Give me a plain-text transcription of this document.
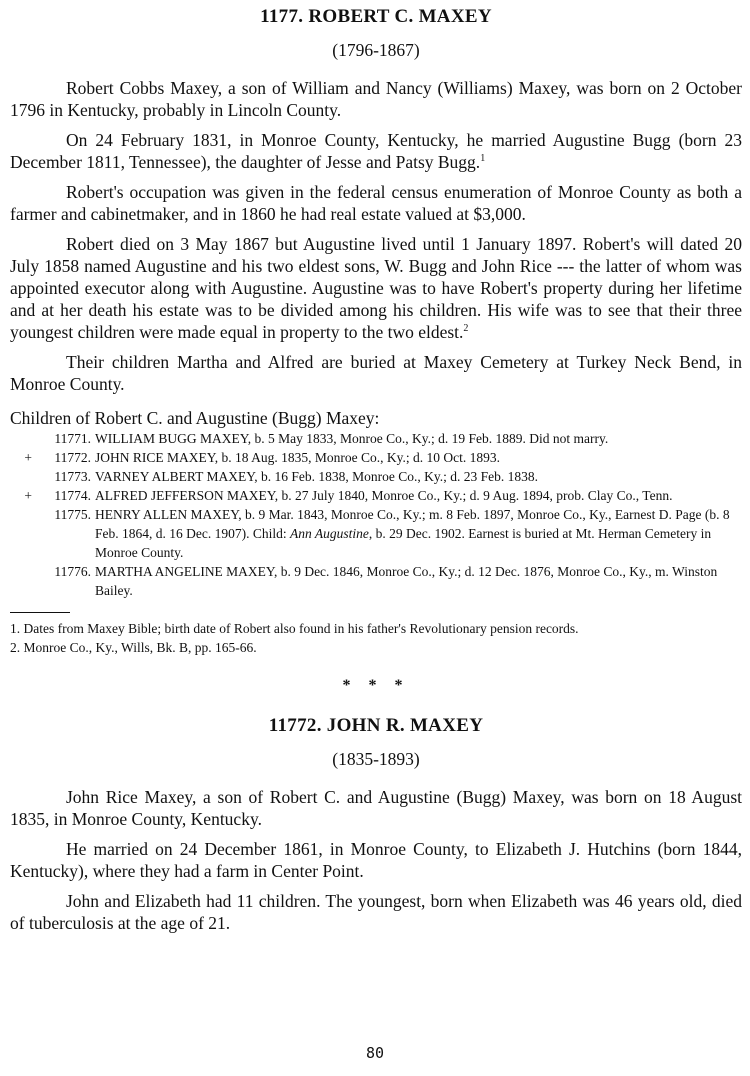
1177. ROBERT C. MAXEY
(1796-1867)

Robert Cobbs Maxey, a son of William and Nancy (Williams) Maxey, was born on 2 October 1796 in Kentucky, probably in Lincoln County.

On 24 February 1831, in Monroe County, Kentucky, he married Augustine Bugg (born 23 December 1811, Tennessee), the daughter of Jesse and Patsy Bugg.$^1$

Robert's occupation was given in the federal census enumeration of Monroe County as both a farmer and cabinetmaker, and in 1860 he had real estate valued at $3,000.

Robert died on 3 May 1867 but Augustine lived until 1 January 1897. Robert's will dated 20 July 1858 named Augustine and his two eldest sons, W. Bugg and John Rice --- the latter of whom was appointed executor along with Augustine. Augustine was to have Robert's property during her lifetime and at her death his estate was to be divided among his children. His wife was to see that their three youngest children were made equal in property to the two eldest.$^2$

Their children Martha and Alfred are buried at Maxey Cemetery at Turkey Neck Bend, in Monroe County.

Children of Robert C. and Augustine (Bugg) Maxey:

11771. WILLIAM BUGG MAXEY, b. 5 May 1833, Monroe Co., Ky.; d. 19 Feb. 1889. Did not marry.
+	11772. JOHN RICE MAXEY, b. 18 Aug. 1835, Monroe Co., Ky.; d. 10 Oct. 1893.
11773. VARNEY ALBERT MAXEY, b. 16 Feb. 1838, Monroe Co., Ky.; d. 23 Feb. 1838.
+	11774. ALFRED JEFFERSON MAXEY, b. 27 July 1840, Monroe Co., Ky.; d. 9 Aug. 1894, prob. Clay Co., Tenn.
11775. HENRY ALLEN MAXEY, b. 9 Mar. 1843, Monroe Co., Ky.; m. 8 Feb. 1897, Monroe Co., Ky., Earnest D. Page (b. 8 Feb. 1864, d. 16 Dec. 1907). Child: Ann Augustine, b. 29 Dec. 1902. Earnest is buried at Mt. Herman Cemetery in Monroe County.
11776. MARTHA ANGELINE MAXEY, b. 9 Dec. 1846, Monroe Co., Ky.; d. 12 Dec. 1876, Monroe Co., Ky., m. Winston Bailey.
1. Dates from Maxey Bible; birth date of Robert also found in his father's Revolutionary pension records.
2. Monroe Co., Ky., Wills, Bk. B, pp. 165-66.
* * *
11772. JOHN R. MAXEY
(1835-1893)

John Rice Maxey, a son of Robert C. and Augustine (Bugg) Maxey, was born on 18 August 1835, in Monroe County, Kentucky.

He married on 24 December 1861, in Monroe County, to Elizabeth J. Hutchins (born 1844, Kentucky), where they had a farm in Center Point.

John and Elizabeth had 11 children. The youngest, born when Elizabeth was 46 years old, died of tuberculosis at the age of 21.

80
